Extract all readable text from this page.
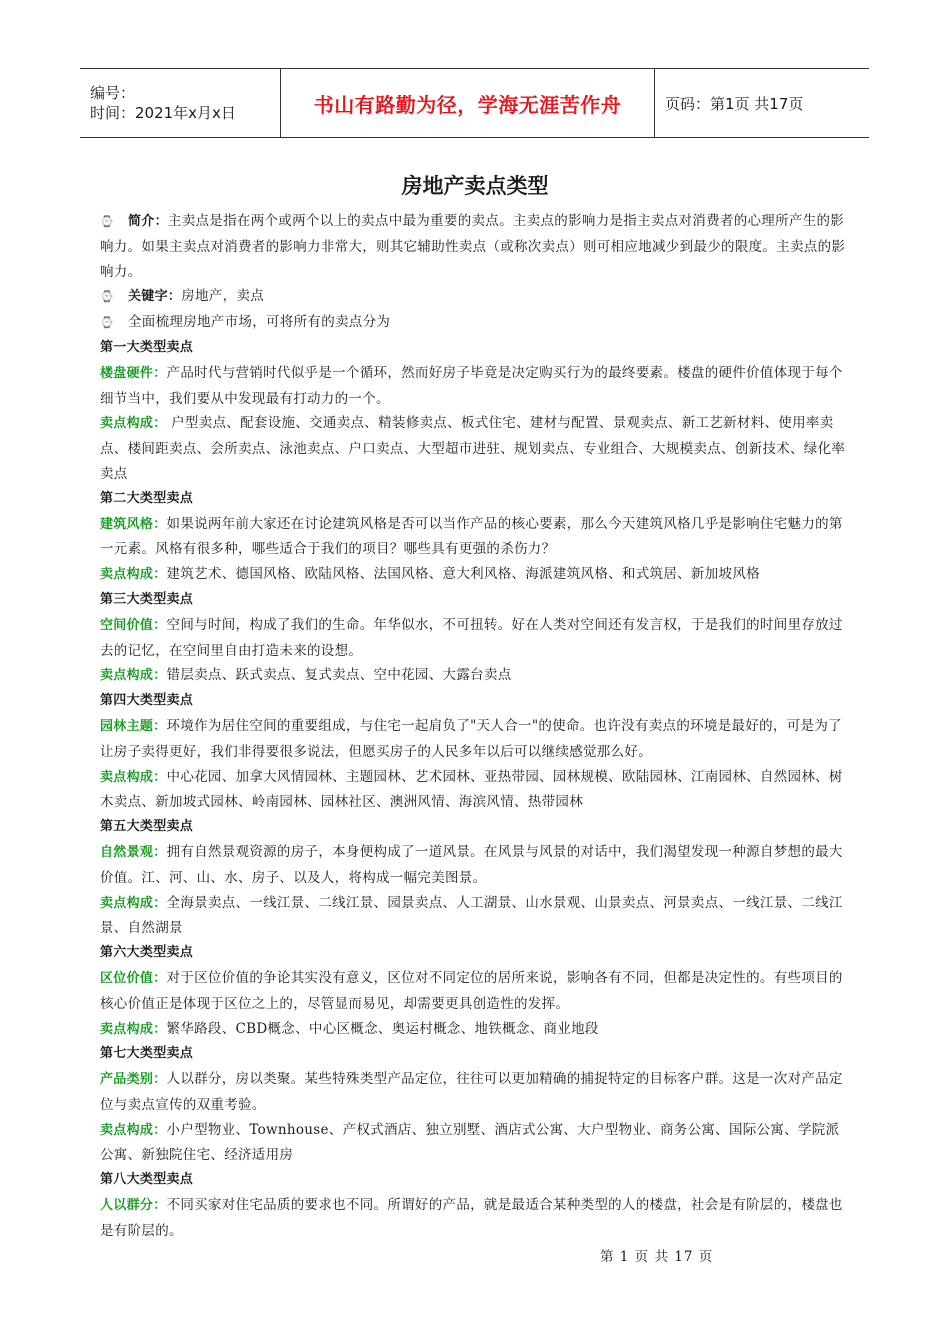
编号：
时间：2021年x月x日	书山有路勤为径，学海无涯苦作舟	页码：第1页 共17页
房地产卖点类型

⌚ 简介：主卖点是指在两个或两个以上的卖点中最为重要的卖点。主卖点的影响力是指主卖点对消费者的心理所产生的影响力。如果主卖点对消费者的影响力非常大，则其它辅助性卖点（或称次卖点）则可相应地减少到最少的限度。主卖点的影响力。

⌚ 关键字：房地产，卖点

⌚ 全面梳理房地产市场，可将所有的卖点分为

第一大类型卖点

楼盘硬件：产品时代与营销时代似乎是一个循环，然而好房子毕竟是决定购买行为的最终要素。楼盘的硬件价值体现于每个细节当中，我们要从中发现最有打动力的一个。

卖点构成： 户型卖点、配套设施、交通卖点、精装修卖点、板式住宅、建材与配置、景观卖点、新工艺新材料、使用率卖点、楼间距卖点、会所卖点、泳池卖点、户口卖点、大型超市进驻、规划卖点、专业组合、大规模卖点、创新技术、绿化率卖点

第二大类型卖点

建筑风格：如果说两年前大家还在讨论建筑风格是否可以当作产品的核心要素，那么今天建筑风格几乎是影响住宅魅力的第一元素。风格有很多种，哪些适合于我们的项目？哪些具有更强的杀伤力？

卖点构成：建筑艺术、德国风格、欧陆风格、法国风格、意大利风格、海派建筑风格、和式筑居、新加坡风格

第三大类型卖点

空间价值：空间与时间，构成了我们的生命。年华似水，不可扭转。好在人类对空间还有发言权，于是我们的时间里存放过去的记忆，在空间里自由打造未来的设想。

卖点构成：错层卖点、跃式卖点、复式卖点、空中花园、大露台卖点

第四大类型卖点

园林主题：环境作为居住空间的重要组成，与住宅一起肩负了"天人合一"的使命。也许没有卖点的环境是最好的，可是为了让房子卖得更好，我们非得要很多说法，但愿买房子的人民多年以后可以继续感觉那么好。

卖点构成：中心花园、加拿大风情园林、主题园林、艺术园林、亚热带园、园林规模、欧陆园林、江南园林、自然园林、树木卖点、新加坡式园林、岭南园林、园林社区、澳洲风情、海滨风情、热带园林

第五大类型卖点

自然景观：拥有自然景观资源的房子，本身便构成了一道风景。在风景与风景的对话中，我们渴望发现一种源自梦想的最大价值。江、河、山、水、房子、以及人，将构成一幅完美图景。

卖点构成：全海景卖点、一线江景、二线江景、园景卖点、人工湖景、山水景观、山景卖点、河景卖点、一线江景、二线江景、自然湖景

第六大类型卖点

区位价值：对于区位价值的争论其实没有意义，区位对不同定位的居所来说，影响各有不同，但都是决定性的。有些项目的核心价值正是体现于区位之上的，尽管显而易见，却需要更具创造性的发挥。

卖点构成：繁华路段、CBD概念、中心区概念、奥运村概念、地铁概念、商业地段

第七大类型卖点

产品类别：人以群分，房以类聚。某些特殊类型产品定位，往往可以更加精确的捕捉特定的目标客户群。这是一次对产品定位与卖点宣传的双重考验。

卖点构成：小户型物业、Townhouse、产权式酒店、独立别墅、酒店式公寓、大户型物业、商务公寓、国际公寓、学院派公寓、新独院住宅、经济适用房

第八大类型卖点

人以群分：不同买家对住宅品质的要求也不同。所谓好的产品，就是最适合某种类型的人的楼盘，社会是有阶层的，楼盘也是有阶层的。

第 1 页 共 17 页
